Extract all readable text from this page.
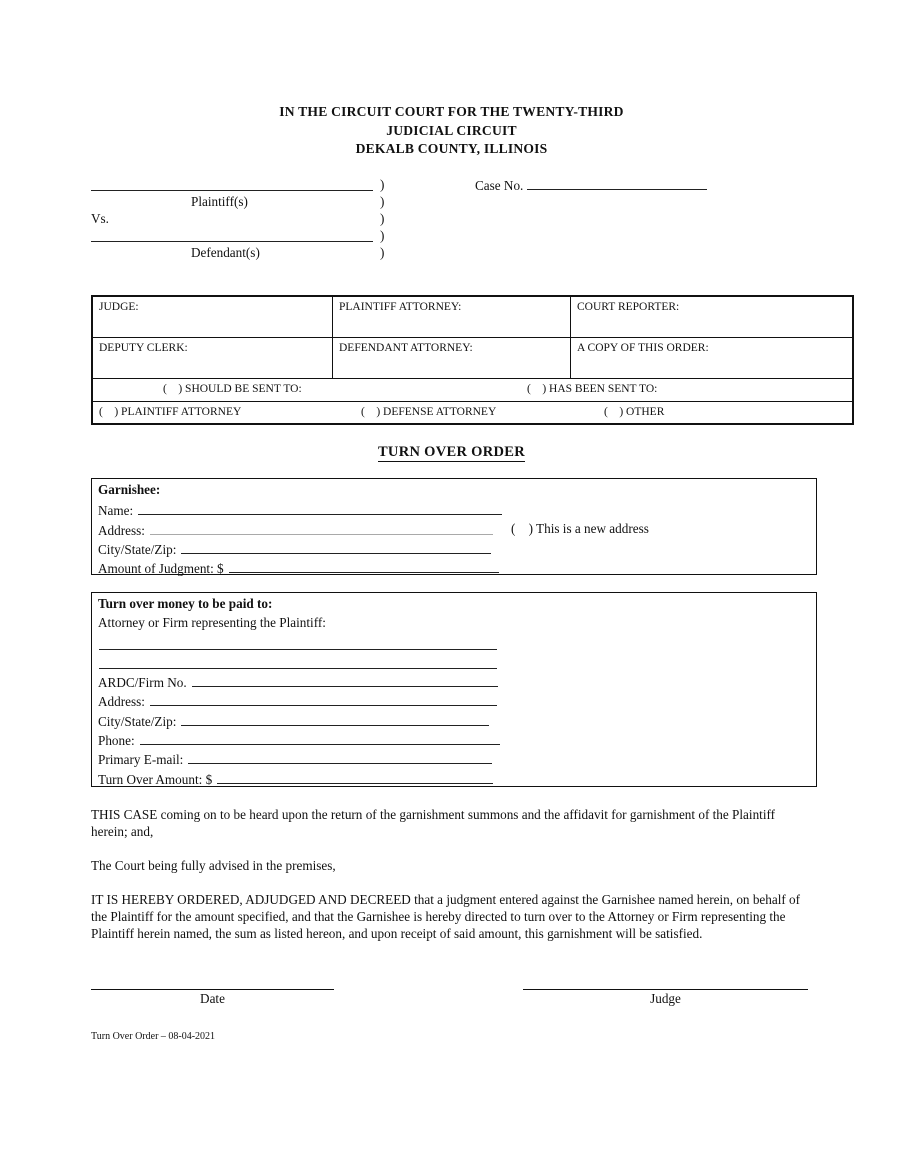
IN THE CIRCUIT COURT FOR THE TWENTY-THIRD
JUDICIAL CIRCUIT
DEKALB COUNTY, ILLINOIS
)	Case No.
Plaintiff(s)	)
Vs.	)
)
Defendant(s)	)
JUDGE:	PLAINTIFF ATTORNEY:	COURT REPORTER:
DEPUTY CLERK:	DEFENDANT ATTORNEY:	A COPY OF THIS ORDER:

(    ) SHOULD BE SENT TO: (    ) HAS BEEN SENT TO:		

(    ) PLAINTIFF ATTORNEY (    ) DEFENSE ATTORNEY (    ) OTHER		
TURN OVER ORDER
Garnishee:
Name:
Address:	(    ) This is a new address
City/State/Zip:
Amount of Judgment: $
Turn over money to be paid to:
Attorney or Firm representing the Plaintiff:
ARDC/Firm No.
Address:
City/State/Zip:
Phone:
Primary E-mail:
Turn Over Amount: $
THIS CASE coming on to be heard upon the return of the garnishment summons and the affidavit for garnishment of the Plaintiff herein; and,
The Court being fully advised in the premises,
IT IS HEREBY ORDERED, ADJUDGED AND DECREED that a judgment entered against the Garnishee named herein, on behalf of the Plaintiff for the amount specified, and that the Garnishee is hereby directed to turn over to the Attorney or Firm representing the Plaintiff herein named, the sum as listed hereon, and upon receipt of said amount, this garnishment will be satisfied.
Date	Judge
Turn Over Order – 08-04-2021
